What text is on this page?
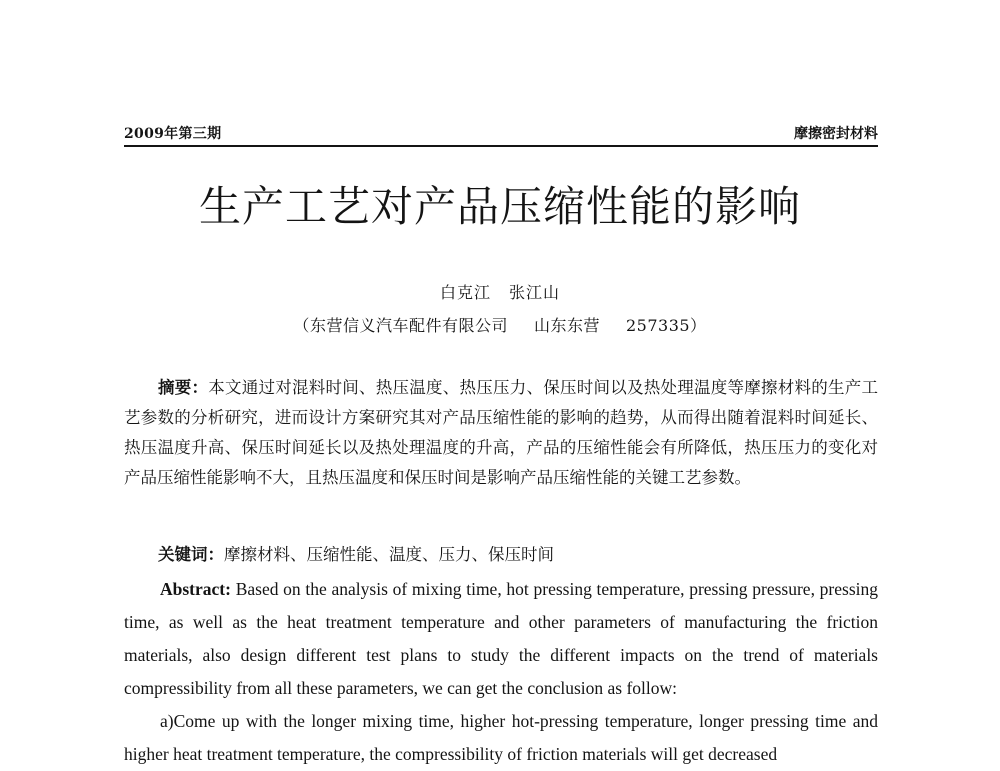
2009年第三期	摩擦密封材料
生产工艺对产品压缩性能的影响
白克江 张江山
（东营信义汽车配件有限公司 山东东营 257335）
摘要：本文通过对混料时间、热压温度、热压压力、保压时间以及热处理温度等摩擦材料的生产工艺参数的分析研究，进而设计方案研究其对产品压缩性能的影响的趋势，从而得出随着混料时间延长、热压温度升高、保压时间延长以及热处理温度的升高，产品的压缩性能会有所降低，热压压力的变化对产品压缩性能影响不大，且热压温度和保压时间是影响产品压缩性能的关键工艺参数。
关键词：摩擦材料、压缩性能、温度、压力、保压时间
Abstract: Based on the analysis of mixing time, hot pressing temperature, pressing pressure, pressing time, as well as the heat treatment temperature and other parameters of manufacturing the friction materials, also design different test plans to study the different impacts on the trend of materials compressibility from all these parameters, we can get the conclusion as follow:
a)Come up with the longer mixing time, higher hot-pressing temperature, longer pressing time and higher heat treatment temperature, the compressibility of friction materials will get decreased
